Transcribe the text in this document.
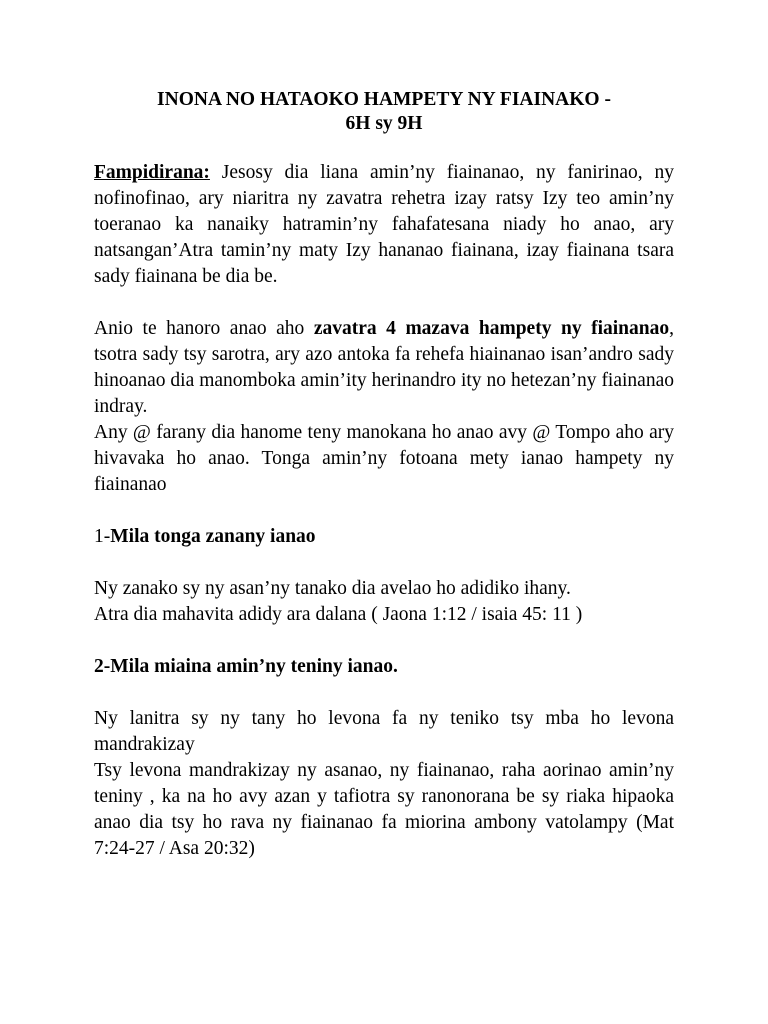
INONA NO HATAOKO HAMPETY NY FIAINAKO -
6H sy 9H

Fampidirana: Jesosy dia liana amin’ny fiainanao, ny fanirinao, ny nofinofinao, ary niaritra ny zavatra rehetra izay ratsy Izy teo amin’ny toeranao ka nanaiky hatramin’ny fahafatesana niady ho anao, ary natsangan’Atra tamin’ny maty Izy hananao fiainana, izay fiainana tsara sady fiainana be dia be.

Anio te hanoro anao aho zavatra 4 mazava hampety ny fiainanao, tsotra sady tsy sarotra, ary azo antoka fa rehefa hiainanao isan’andro sady hinoanao dia manomboka amin’ity herinandro ity no hetezan’ny fiainanao indray.

Any @ farany dia hanome teny manokana ho anao avy @ Tompo aho ary hivavaka ho anao. Tonga amin’ny fotoana mety ianao hampety ny fiainanao

1-Mila tonga zanany ianao

Ny zanako sy ny asan’ny tanako dia avelao ho adidiko ihany.

Atra dia mahavita adidy ara dalana ( Jaona 1:12 / isaia 45: 11 )

2-Mila miaina amin’ny teniny ianao.

Ny lanitra sy ny tany ho levona fa ny teniko tsy mba ho levona mandrakizay

Tsy levona mandrakizay ny asanao, ny fiainanao, raha aorinao amin’ny teniny , ka na ho avy azan y tafiotra sy ranonorana be sy riaka hipaoka anao dia tsy ho rava ny fiainanao fa miorina ambony vatolampy (Mat 7:24-27 / Asa 20:32)
